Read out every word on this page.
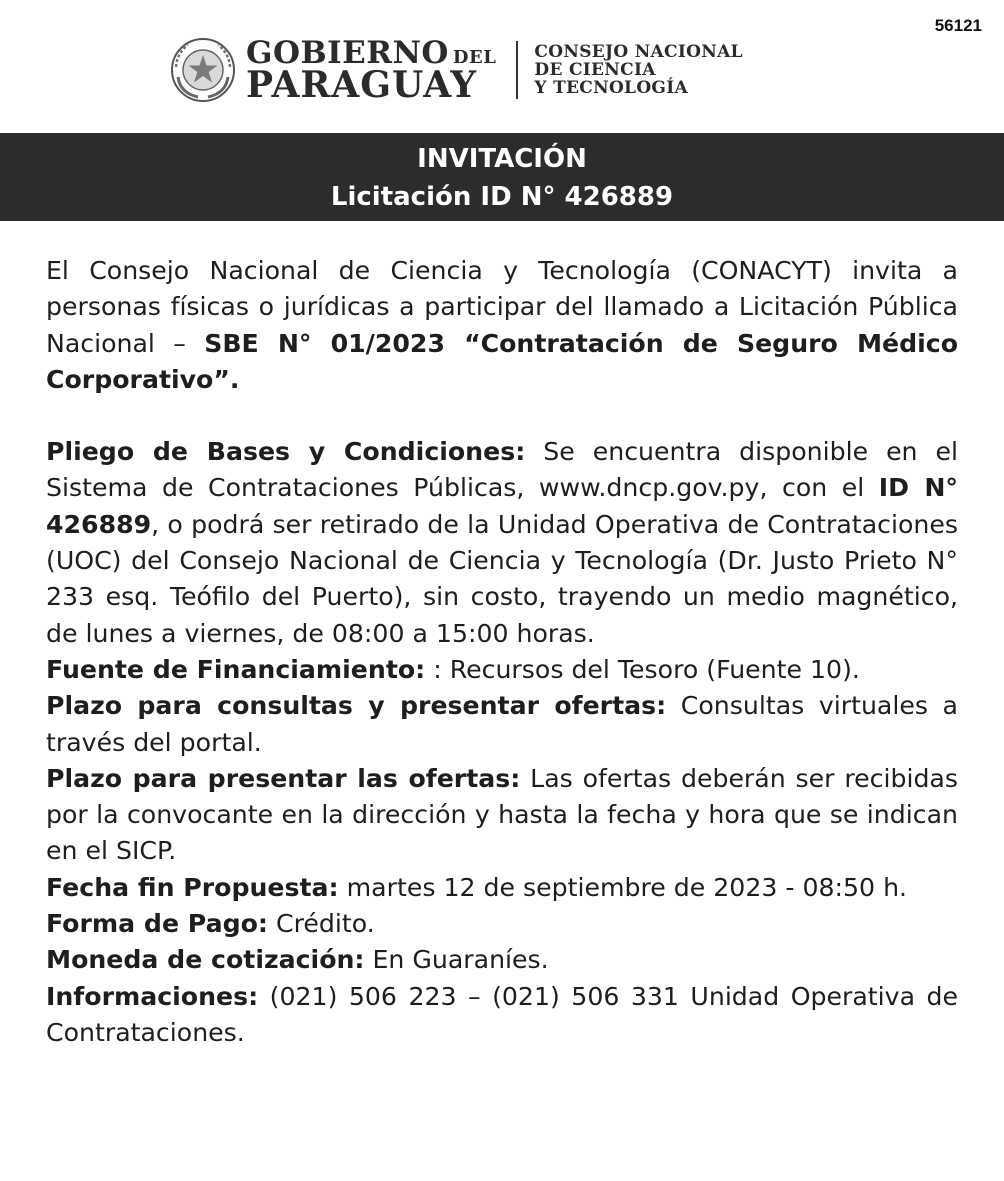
56121
GOBIERNO DEL
PARAGUAY
CONSEJO NACIONAL
DE CIENCIA
Y TECNOLOGÍA
INVITACIÓN
Licitación ID N° 426889

El Consejo Nacional de Ciencia y Tecnología (CONACYT) invita a personas físicas o jurídicas a participar del llamado a Licitación Pública Nacional – SBE N° 01/2023 “Contratación de Seguro Médico Corporativo”.

Pliego de Bases y Condiciones: Se encuentra disponible en el Sistema de Contrataciones Públicas, www.dncp.gov.py, con el ID N° 426889, o podrá ser retirado de la Unidad Operativa de Contrataciones (UOC) del Consejo Nacional de Ciencia y Tecnología (Dr. Justo Prieto N° 233 esq. Teófilo del Puerto), sin costo, trayendo un medio magnético, de lunes a viernes, de 08:00 a 15:00 horas.

Fuente de Financiamiento: : Recursos del Tesoro (Fuente 10).

Plazo para consultas y presentar ofertas: Consultas virtuales a través del portal.

Plazo para presentar las ofertas: Las ofertas deberán ser recibidas por la convocante en la dirección y hasta la fecha y hora que se indican en el SICP.

Fecha fin Propuesta: martes 12 de septiembre de 2023 - 08:50 h.

Forma de Pago: Crédito.

Moneda de cotización: En Guaraníes.

Informaciones: (021) 506 223 – (021) 506 331 Unidad Operativa de Contrataciones.
